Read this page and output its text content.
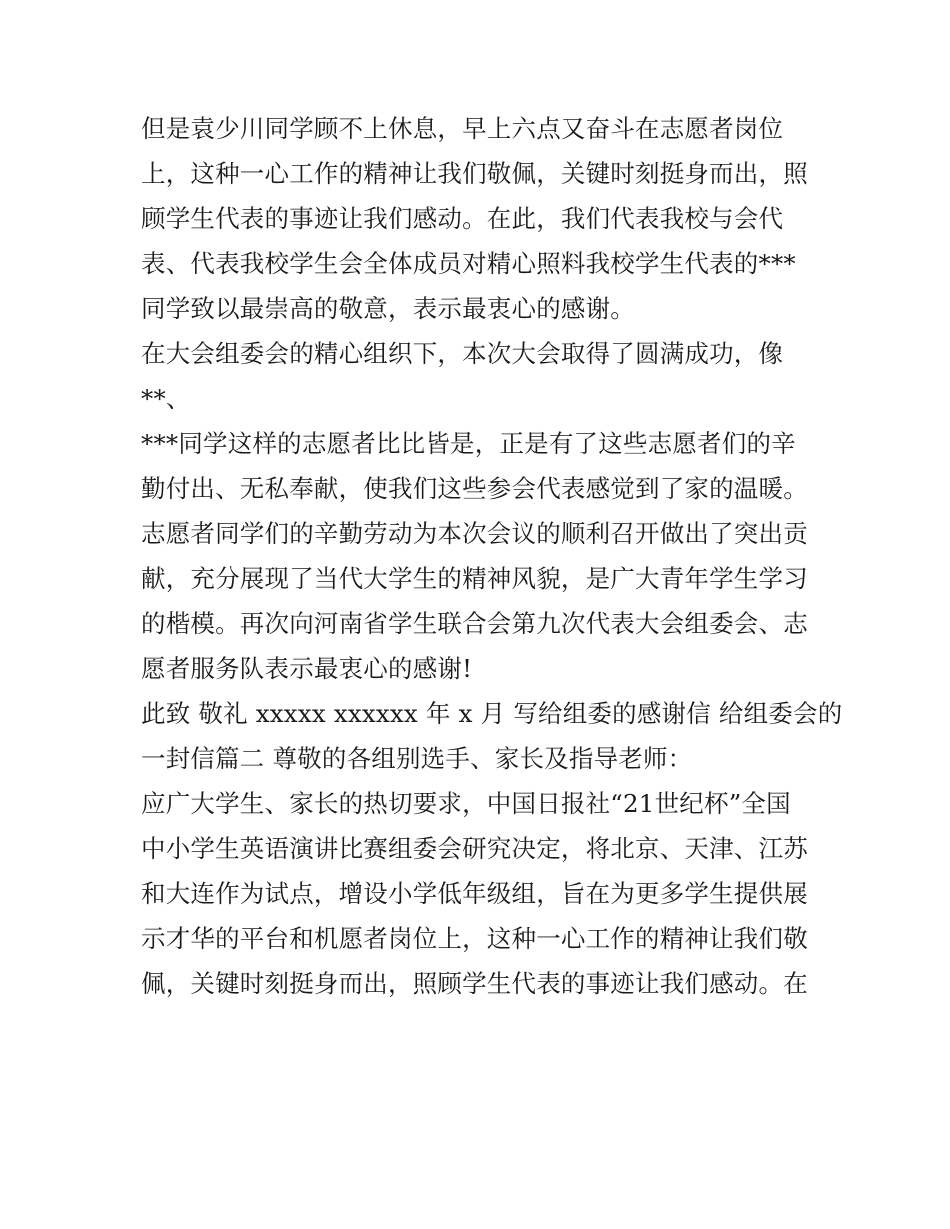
但是袁少川同学顾不上休息，早上六点又奋斗在志愿者岗位
上，这种一心工作的精神让我们敬佩，关键时刻挺身而出，照
顾学生代表的事迹让我们感动。在此，我们代表我校与会代
表、代表我校学生会全体成员对精心照料我校学生代表的***
同学致以最崇高的敬意，表示最衷心的感谢。
在大会组委会的精心组织下，本次大会取得了圆满成功，像
**、
***同学这样的志愿者比比皆是，正是有了这些志愿者们的辛
勤付出、无私奉献，使我们这些参会代表感觉到了家的温暖。
志愿者同学们的辛勤劳动为本次会议的顺利召开做出了突出贡
献，充分展现了当代大学生的精神风貌，是广大青年学生学习
的楷模。再次向河南省学生联合会第九次代表大会组委会、志
愿者服务队表示最衷心的感谢!
此致 敬礼 xxxxx xxxxxx 年 x 月 写给组委的感谢信 给组委会的
一封信篇二 尊敬的各组别选手、家长及指导老师：
应广大学生、家长的热切要求，中国日报社“21世纪杯”全国
中小学生英语演讲比赛组委会研究决定，将北京、天津、江苏
和大连作为试点，增设小学低年级组，旨在为更多学生提供展
示才华的平台和机愿者岗位上，这种一心工作的精神让我们敬
佩，关键时刻挺身而出，照顾学生代表的事迹让我们感动。在
